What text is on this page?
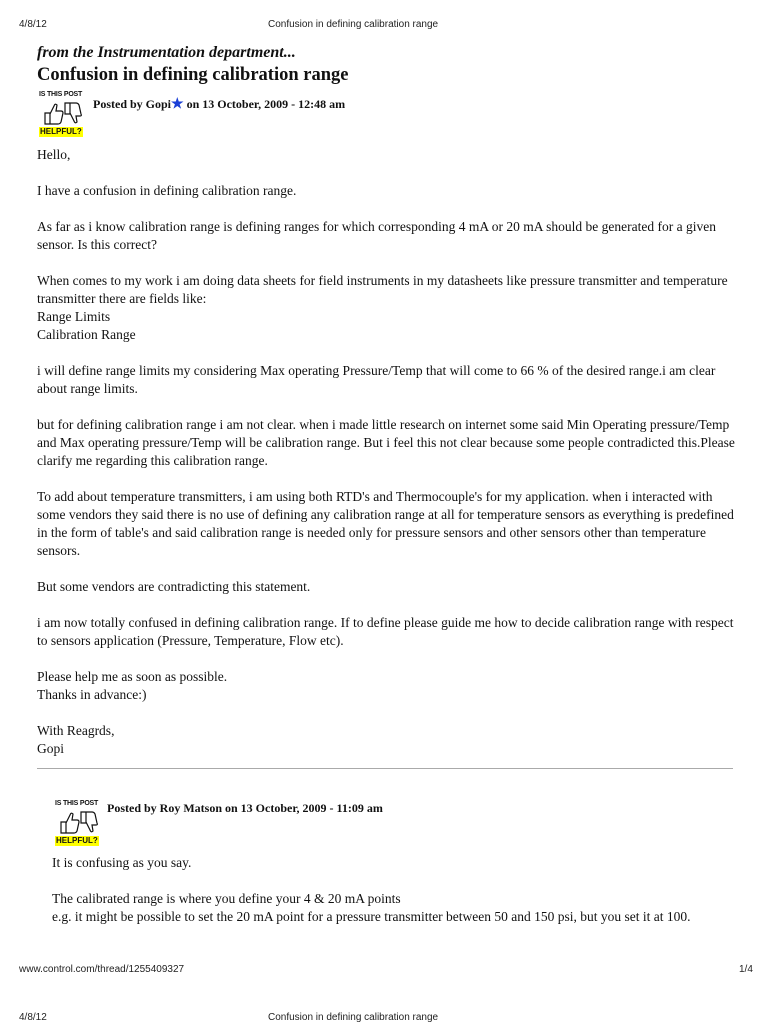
4/8/12	Confusion in defining calibration range
from the Instrumentation department...
Confusion in defining calibration range
IS THIS POST
HELPFUL?
Posted by Gopi★ on 13 October, 2009 - 12:48 am

Hello,

I have a confusion in defining calibration range.

As far as i know calibration range is defining ranges for which corresponding 4 mA or 20 mA should be generated for a given sensor. Is this correct?

When comes to my work i am doing data sheets for field instruments in my datasheets like pressure transmitter and temperature transmitter there are fields like:
Range Limits
Calibration Range

i will define range limits my considering Max operating Pressure/Temp that will come to 66 % of the desired range.i am clear about range limits.

but for defining calibration range i am not clear. when i made little research on internet some said Min Operating pressure/Temp and Max operating pressure/Temp will be calibration range. But i feel this not clear because some people contradicted this.Please clarify me regarding this calibration range.

To add about temperature transmitters, i am using both RTD's and Thermocouple's for my application. when i interacted with some vendors they said there is no use of defining any calibration range at all for temperature sensors as everything is predefined in the form of table's and said calibration range is needed only for pressure sensors and other sensors other than temperature sensors.

But some vendors are contradicting this statement.

i am now totally confused in defining calibration range. If to define please guide me how to decide calibration range with respect to sensors application (Pressure, Temperature, Flow etc).

Please help me as soon as possible.
Thanks in advance:)

With Reagrds,
Gopi

IS THIS POST
HELPFUL?
Posted by Roy Matson on 13 October, 2009 - 11:09 am

It is confusing as you say.

The calibrated range is where you define your 4 & 20 mA points
e.g. it might be possible to set the 20 mA point for a pressure transmitter between 50 and 150 psi, but you set it at 100.

www.control.com/thread/1255409327	1/4
4/8/12	Confusion in defining calibration range
